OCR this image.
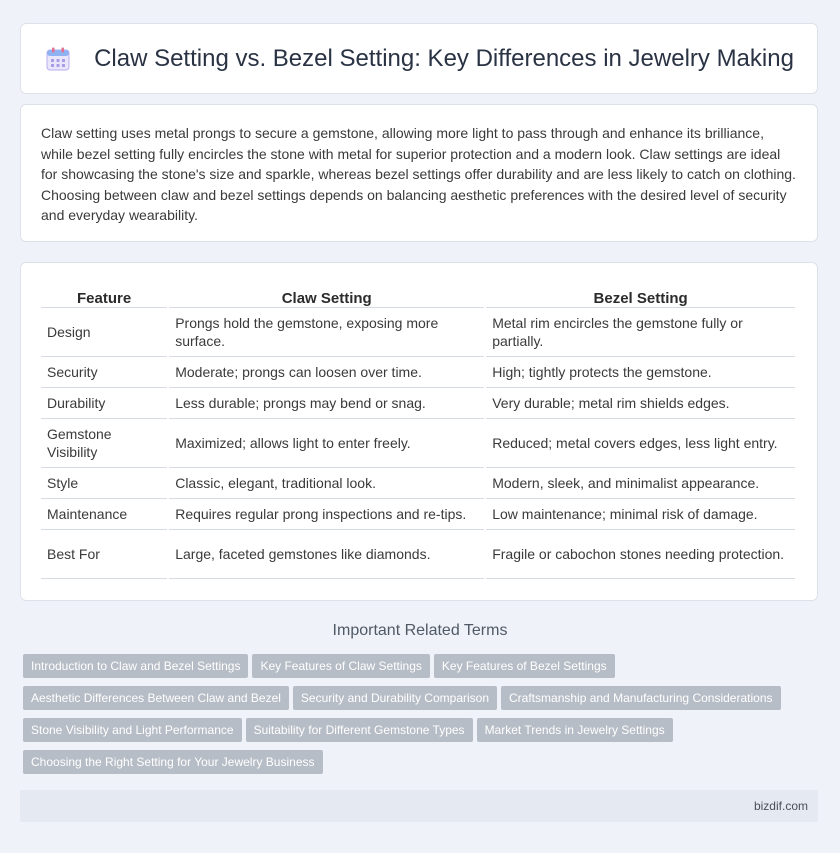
Claw Setting vs. Bezel Setting: Key Differences in Jewelry Making

Claw setting uses metal prongs to secure a gemstone, allowing more light to pass through and enhance its brilliance, while bezel setting fully encircles the stone with metal for superior protection and a modern look. Claw settings are ideal for showcasing the stone's size and sparkle, whereas bezel settings offer durability and are less likely to catch on clothing. Choosing between claw and bezel settings depends on balancing aesthetic preferences with the desired level of security and everyday wearability.

Feature	Claw Setting	Bezel Setting
Design	Prongs hold the gemstone, exposing more surface.	Metal rim encircles the gemstone fully or partially.
Security	Moderate; prongs can loosen over time.	High; tightly protects the gemstone.
Durability	Less durable; prongs may bend or snag.	Very durable; metal rim shields edges.
Gemstone Visibility	Maximized; allows light to enter freely.	Reduced; metal covers edges, less light entry.
Style	Classic, elegant, traditional look.	Modern, sleek, and minimalist appearance.
Maintenance	Requires regular prong inspections and re-tips.	Low maintenance; minimal risk of damage.
Best For	Large, faceted gemstones like diamonds.	Fragile or cabochon stones needing protection.
Important Related Terms
Introduction to Claw and Bezel Settings Key Features of Claw Settings Key Features of Bezel Settings
Aesthetic Differences Between Claw and Bezel Security and Durability Comparison Craftsmanship and Manufacturing Considerations
Stone Visibility and Light Performance Suitability for Different Gemstone Types Market Trends in Jewelry Settings
Choosing the Right Setting for Your Jewelry Business
bizdif.com
